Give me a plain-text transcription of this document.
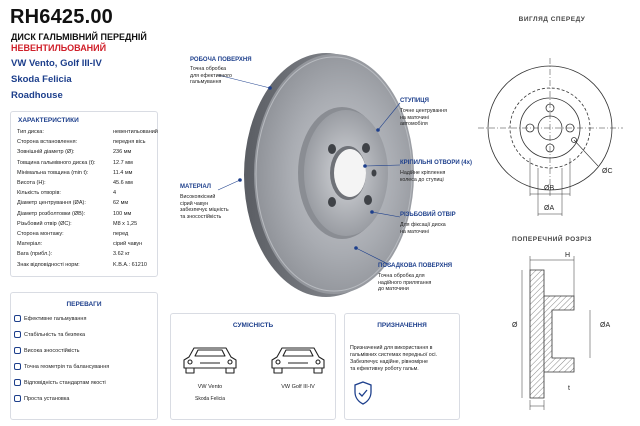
RH6425.00
ДИСК ГАЛЬМІВНИЙ ПЕРЕДНІЙ
НЕВЕНТИЛЬОВАНИЙ
VW Vento, Golf III-IV
Skoda Felicia
Roadhouse
ХАРАКТЕРИСТИКИ
Тип диска:	невентильований
Сторона встановлення:	передня вісь
Зовнішній діаметр (Ø):	236 мм
Товщина гальмівного диска (t):	12.7 мм
Мінімальна товщина (min t):	11.4 мм
Висота (H):	45.6 мм
Кількість отворів:	4
Діаметр центрування (ØA):	62 мм
Діаметр розболтовки (ØB):	100 мм
Різьбовий отвір (ØC):	M8 x 1,25
Сторона монтажу:	перед
Матеріал:	сірий чавун
Вага (прибл.):	3.62 кг
Знак відповідності норм:	K.B.A.: 61210
ПЕРЕВАГИ
Ефективне гальмування
Стабільність та безпека
Висока зносостійкість
Точна геометрія та балансування
Відповідність стандартам якості
Проста установка
РОБОЧА ПОВЕРХНЯ
Точна обробка
для ефективного
гальмування
СТУПИЦЯ
Точне центрування
на маточині
автомобіля
КРІПИЛЬНІ ОТВОРИ (4x)
Надійне кріплення
колеса до ступиці
РІЗЬБОВИЙ ОТВІР
Для фіксації диска
на маточині
МАТЕРІАЛ
Високоякісний
сірий чавун
забезпечує міцність
та зносостійкість
ПОСАДКОВА ПОВЕРХНЯ
Точна обробка для
надійного прилягання
до маточини
СУМІСНІСТЬ
VW Vento	VW Golf III-IV
Skoda Felicia
ПРИЗНАЧЕННЯ
Призначений для використання в
гальмівних системах передньої осі.
Забезпечує надійне, рівномірне
та ефективну роботу гальм.
ВИГЛЯД СПЕРЕДУ
ØC
ØB
ØA
ПОПЕРЕЧНИЙ РОЗРІЗ
H
Ø	ØA
t
